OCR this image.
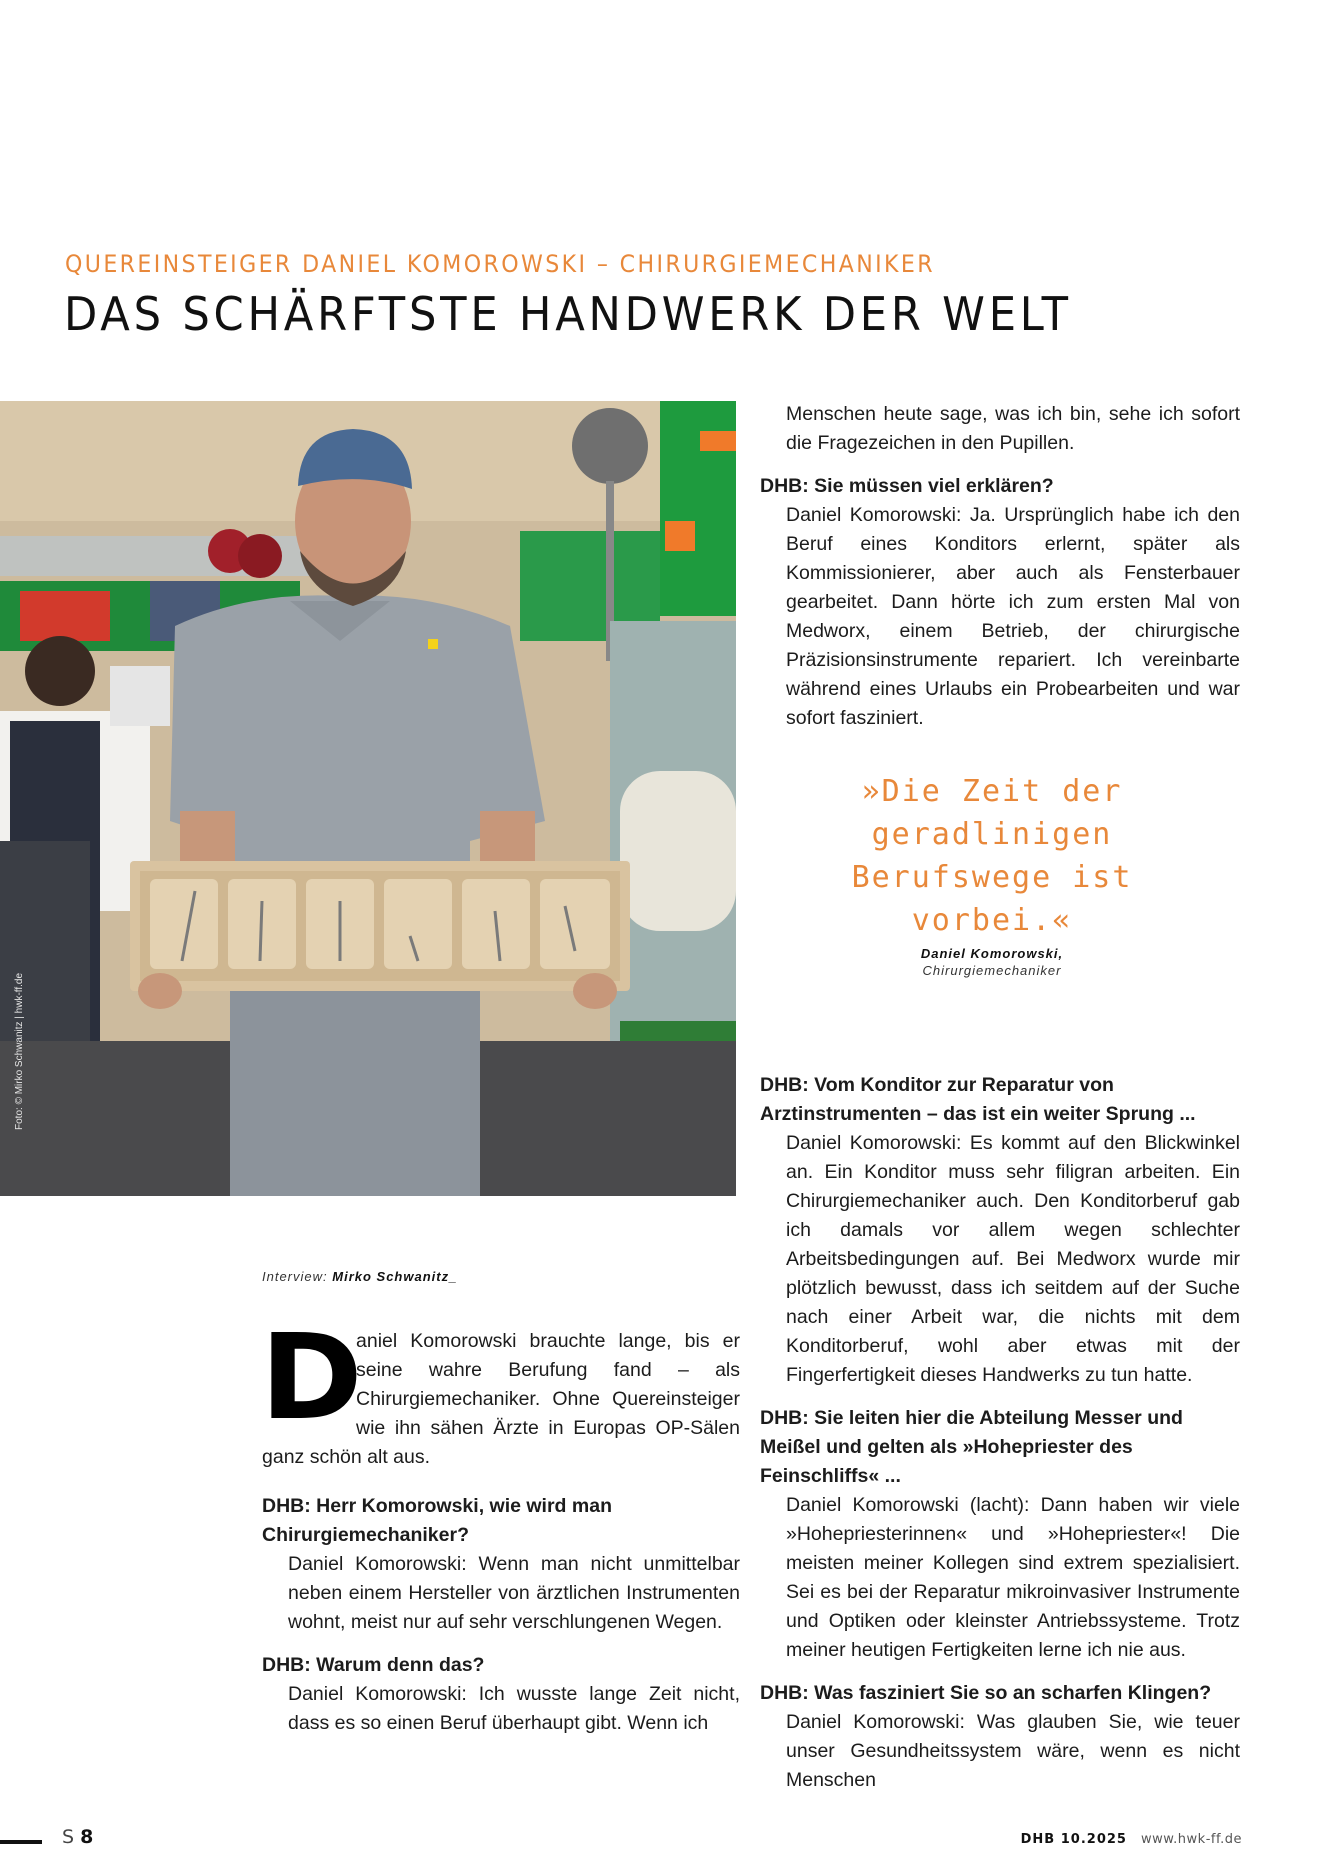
QUEREINSTEIGER DANIEL KOMOROWSKI – CHIRURGIEMECHANIKER
DAS SCHÄRFTSTE HANDWERK DER WELT
Foto: © Mirko Schwanitz | hwk-ff.de

Menschen heute sage, was ich bin, sehe ich sofort die Fragezeichen in den Pupillen.

DHB: Sie müssen viel erklären?

Daniel Komorowski: Ja. Ursprünglich habe ich den Beruf eines Konditors erlernt, später als Kommissionierer, aber auch als Fensterbauer gearbeitet. Dann hörte ich zum ersten Mal von Medworx, einem Betrieb, der chirurgische Präzisionsinstrumente repariert. Ich vereinbarte während eines Urlaubs ein Probearbeiten und war sofort fasziniert.

»Die Zeit der
geradlinigen
Berufswege ist
vorbei.«
Daniel Komorowski,
Chirurgiemechaniker

DHB: Vom Konditor zur Reparatur von Arztinstrumenten – das ist ein weiter Sprung ...

Daniel Komorowski: Es kommt auf den Blickwinkel an. Ein Konditor muss sehr filigran arbeiten. Ein Chirurgiemechaniker auch. Den Konditorberuf gab ich damals vor allem wegen schlechter Arbeitsbedingungen auf. Bei Medworx wurde mir plötzlich bewusst, dass ich seitdem auf der Suche nach einer Arbeit war, die nichts mit dem Konditorberuf, wohl aber etwas mit der Fingerfertigkeit dieses Handwerks zu tun hatte.

DHB: Sie leiten hier die Abteilung Messer und Meißel und gelten als »Hohepriester des Feinschliffs« ...

Daniel Komorowski (lacht): Dann haben wir viele »Hohepriesterinnen« und »Hohepriester«! Die meisten meiner Kollegen sind extrem spezialisiert. Sei es bei der Reparatur mikroinvasiver Instrumente und Optiken oder kleinster Antriebssysteme. Trotz meiner heutigen Fertigkeiten lerne ich nie aus.

DHB: Was fasziniert Sie so an scharfen Klingen?

Daniel Komorowski: Was glauben Sie, wie teuer unser Gesundheitssystem wäre, wenn es nicht Menschen

Interview: Mirko Schwanitz_
D

aniel Komorowski brauchte lange, bis er seine wahre Berufung fand – als Chirurgiemechaniker. Ohne Quereinsteiger wie ihn sähen Ärzte in Europas OP-Sälen ganz schön alt aus.

DHB: Herr Komorowski, wie wird man Chirurgiemechaniker?

Daniel Komorowski: Wenn man nicht unmittelbar neben einem Hersteller von ärztlichen Instrumenten wohnt, meist nur auf sehr verschlungenen Wegen.

DHB: Warum denn das?

Daniel Komorowski: Ich wusste lange Zeit nicht, dass es so einen Beruf überhaupt gibt. Wenn ich

S 8	DHB 10.2025 www.hwk-ff.de
